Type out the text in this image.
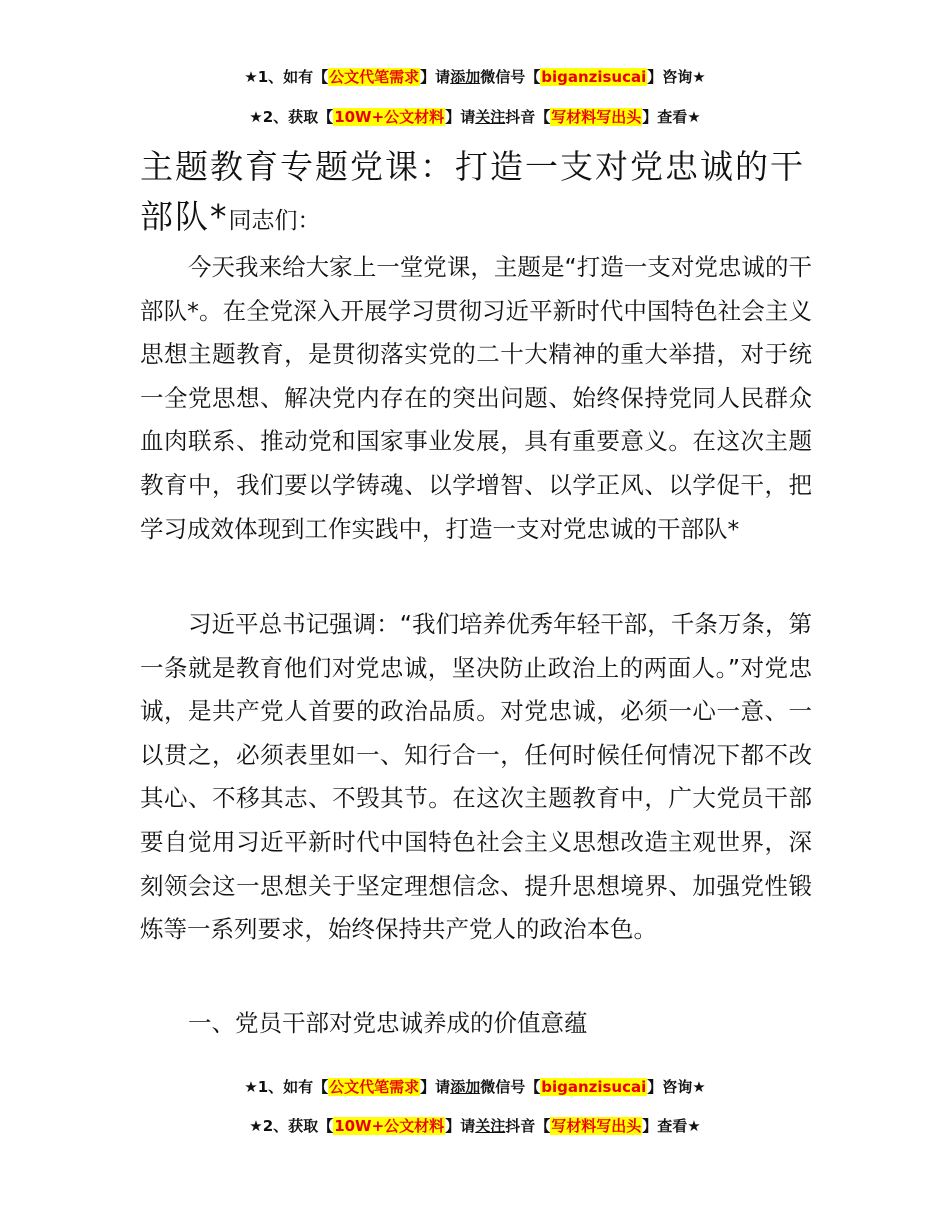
★1、如有【公文代笔需求】请添加微信号【biganzisucai】咨询★
★2、获取【10W+公文材料】请关注抖音【写材料写出头】查看★
主题教育专题党课：打造一支对党忠诚的干部队*同志们：
今天我来给大家上一堂党课，主题是“打造一支对党忠诚的干部队*。在全党深入开展学习贯彻习近平新时代中国特色社会主义思想主题教育，是贯彻落实党的二十大精神的重大举措，对于统一全党思想、解决党内存在的突出问题、始终保持党同人民群众血肉联系、推动党和国家事业发展，具有重要意义。在这次主题教育中，我们要以学铸魂、以学增智、以学正风、以学促干，把学习成效体现到工作实践中，打造一支对党忠诚的干部队*
习近平总书记强调：“我们培养优秀年轻干部，千条万条，第一条就是教育他们对党忠诚，坚决防止政治上的两面人。”对党忠诚，是共产党人首要的政治品质。对党忠诚，必须一心一意、一以贯之，必须表里如一、知行合一，任何时候任何情况下都不改其心、不移其志、不毁其节。在这次主题教育中，广大党员干部要自觉用习近平新时代中国特色社会主义思想改造主观世界，深刻领会这一思想关于坚定理想信念、提升思想境界、加强党性锻炼等一系列要求，始终保持共产党人的政治本色。
一、党员干部对党忠诚养成的价值意蕴
★1、如有【公文代笔需求】请添加微信号【biganzisucai】咨询★
★2、获取【10W+公文材料】请关注抖音【写材料写出头】查看★
